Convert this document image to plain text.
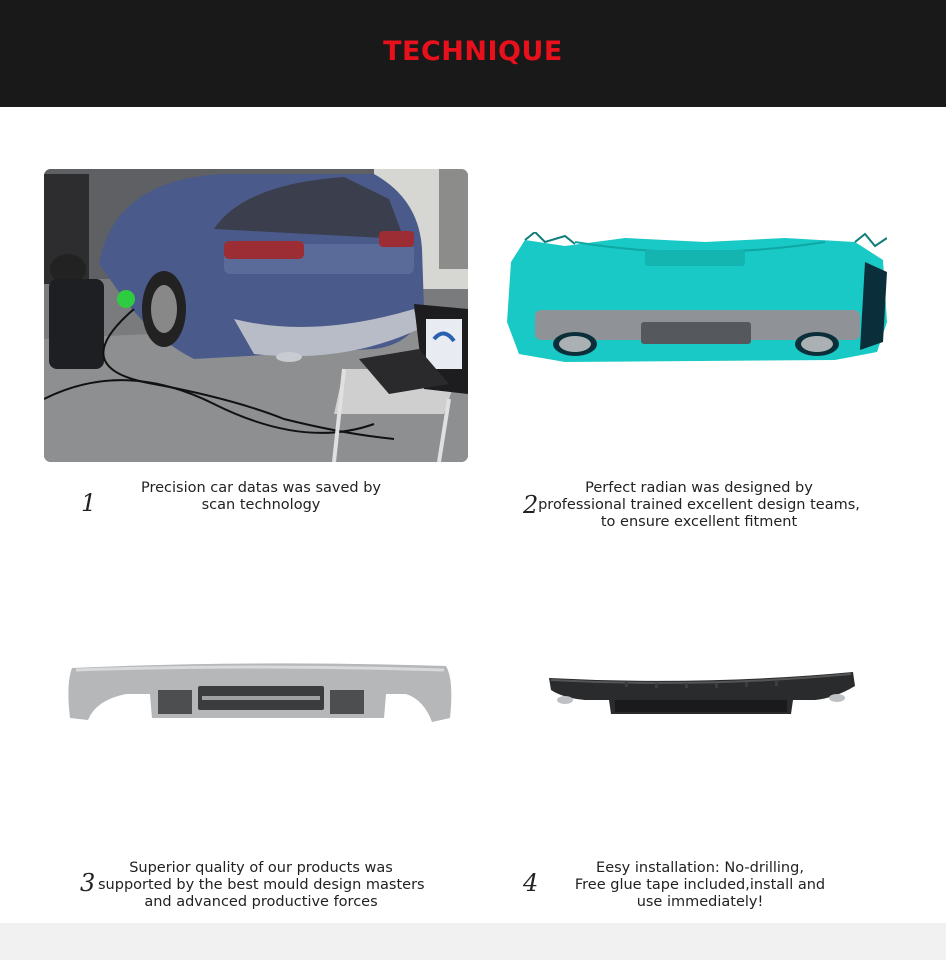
TECHNIQUE
1
Precision car datas was saved by
scan technology	2
Perfect radian was designed by
professional trained excellent design teams,
to ensure excellent fitment
3
Superior quality of our products was
supported by the best mould design masters
and advanced productive forces
4
Eesy installation: No-drilling,
Free glue tape included,install and
use immediately!
